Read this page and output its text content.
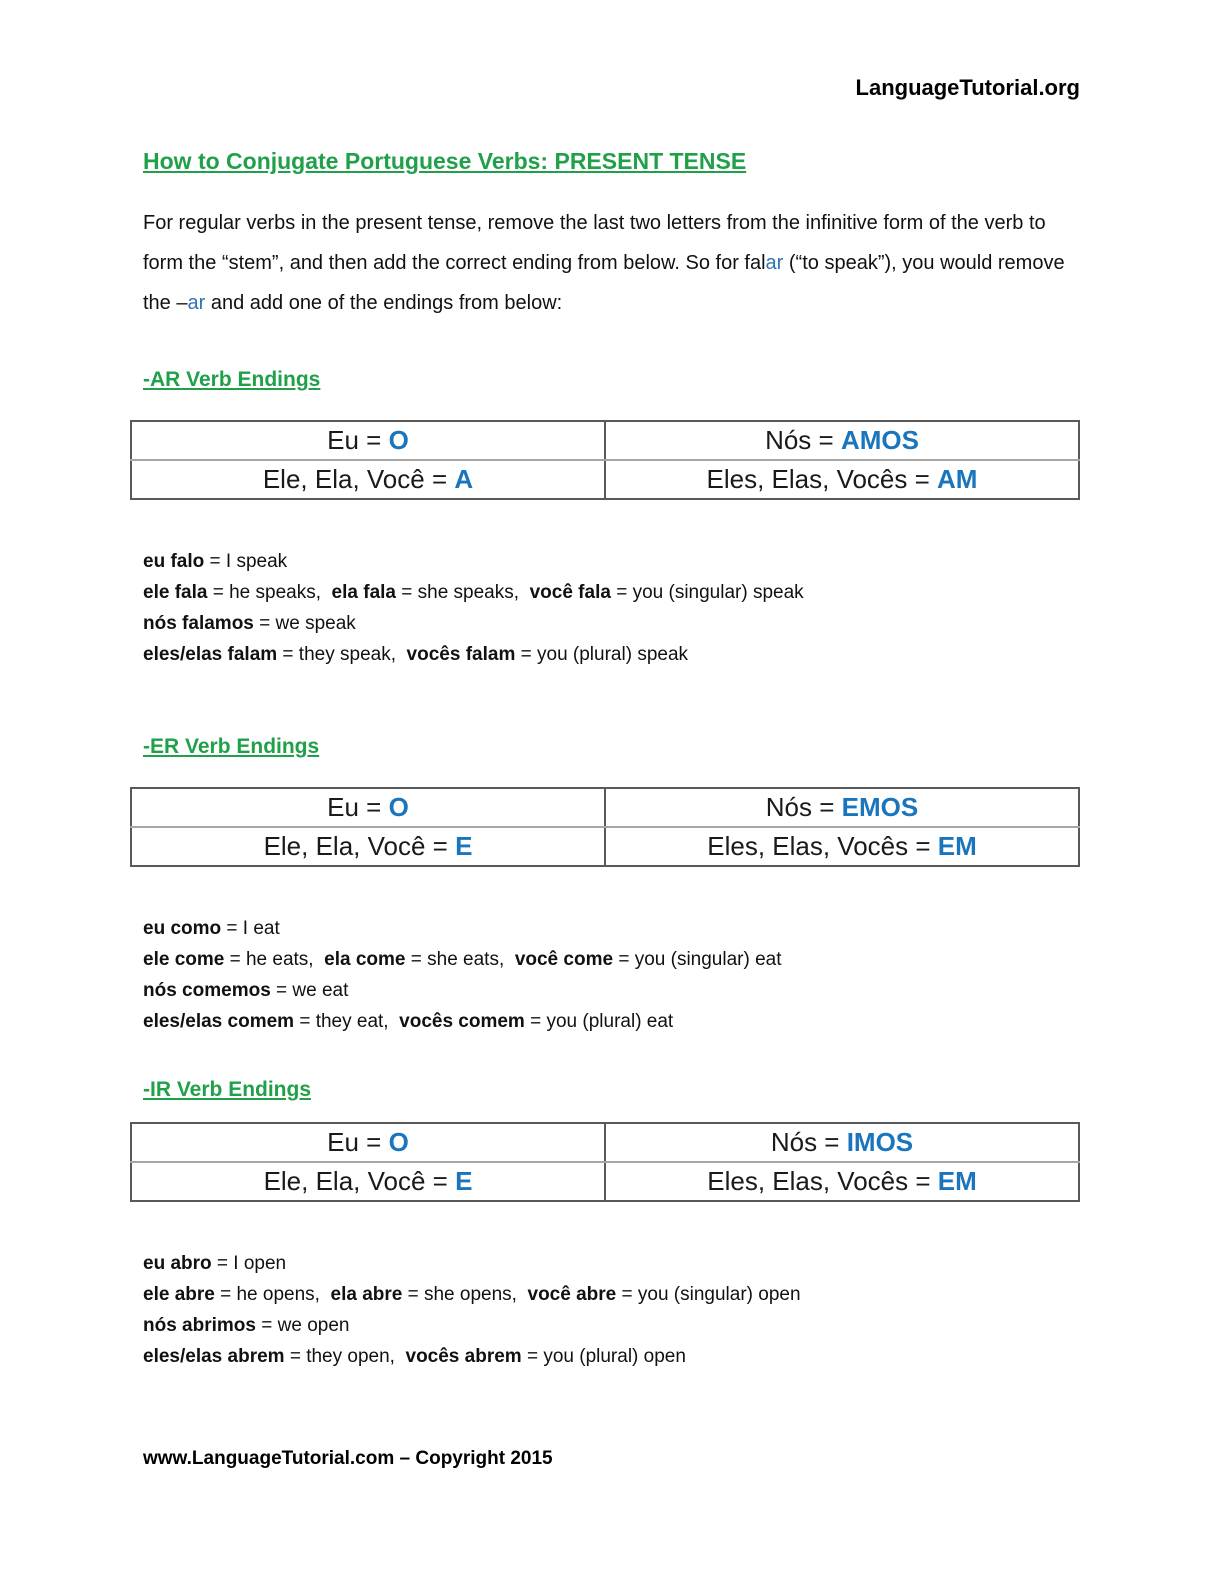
LanguageTutorial.org
How to Conjugate Portuguese Verbs: PRESENT TENSE

For regular verbs in the present tense, remove the last two letters from the infinitive form of the verb to form the “stem”, and then add the correct ending from below. So for falar (“to speak”), you would remove the –ar and add one of the endings from below:

-AR Verb Endings
Eu = O	Nós = AMOS
Ele, Ela, Você = A	Eles, Elas, Vocês = AM

eu falo = I speak

ele fala = he speaks,  ela fala = she speaks,  você fala = you (singular) speak

nós falamos = we speak

eles/elas falam = they speak,  vocês falam = you (plural) speak

-ER Verb Endings
Eu = O	Nós = EMOS
Ele, Ela, Você = E	Eles, Elas, Vocês = EM

eu como = I eat

ele come = he eats,  ela come = she eats,  você come = you (singular) eat

nós comemos = we eat

eles/elas comem = they eat,  vocês comem = you (plural) eat

-IR Verb Endings
Eu = O	Nós = IMOS
Ele, Ela, Você = E	Eles, Elas, Vocês = EM

eu abro = I open

ele abre = he opens,  ela abre = she opens,  você abre = you (singular) open

nós abrimos = we open

eles/elas abrem = they open,  vocês abrem = you (plural) open

www.LanguageTutorial.com – Copyright 2015
